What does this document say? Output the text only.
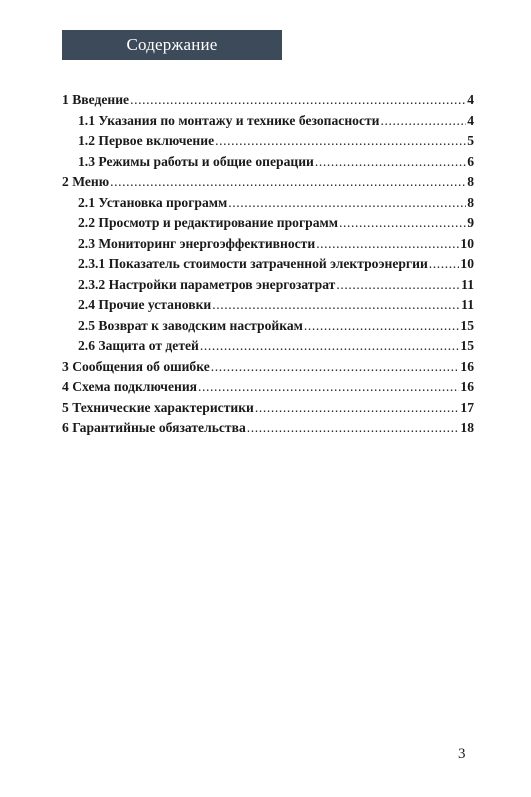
Содержание
1 Введение .....	4
1.1 Указания по монтажу и технике безопасности .....	4
1.2 Первое включение .....	5
1.3 Режимы работы и общие операции .....	6
2 Меню .....	8
2.1 Установка программ .....	8
2.2 Просмотр и редактирование программ .....	9
2.3 Мониторинг энергоэффективности .....	10
2.3.1 Показатель стоимости затраченной электроэнергии ..... 10
2.3.2 Настройки параметров энергозатрат .....	11
2.4 Прочие установки .....	11
2.5 Возврат к заводским настройкам .....	15
2.6 Защита от детей .....	15
3 Сообщения об ошибке .....	16
4 Схема подключения .....	16
5 Технические характеристики .....	17
6 Гарантийные обязательства .....	18
3
